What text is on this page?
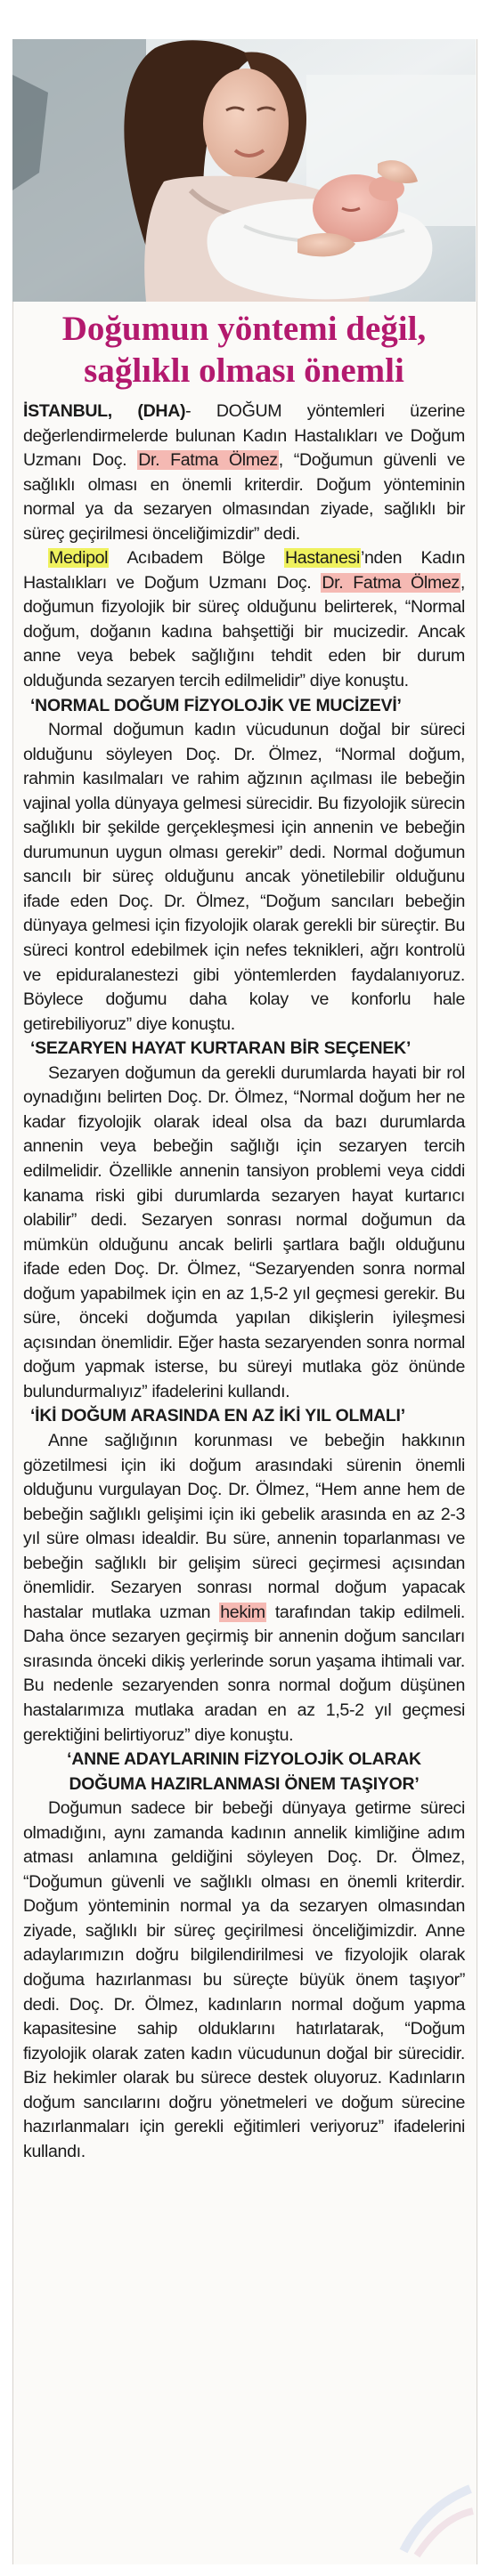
Doğumun yöntemi değil,
sağlıklı olması önemli

İSTANBUL, (DHA)- DOĞUM yöntemleri üzerine değerlendirmelerde bulunan Kadın Hastalıkları ve Doğum Uzmanı Doç. Dr. Fatma Ölmez, “Doğumun güvenli ve sağlıklı olması en önemli kriterdir. Doğum yönteminin normal ya da sezaryen olmasından ziyade, sağlıklı bir süreç geçirilmesi önceliğimizdir” dedi.

Medipol Acıbadem Bölge Hastanesi’nden Kadın Hastalıkları ve Doğum Uzmanı Doç. Dr. Fatma Ölmez, doğumun fizyolojik bir süreç olduğunu belirterek, “Normal doğum, doğanın kadına bahşettiği bir mucizedir. Ancak anne veya bebek sağlığını tehdit eden bir durum olduğunda sezaryen tercih edilmelidir” diye konuştu.

‘NORMAL DOĞUM FİZYOLOJİK VE MUCİZEVİ’

Normal doğumun kadın vücudunun doğal bir süreci olduğunu söyleyen Doç. Dr. Ölmez, “Normal doğum, rahmin kasılmaları ve rahim ağzının açılması ile bebeğin vajinal yolla dünyaya gelmesi sürecidir. Bu fizyolojik sürecin sağlıklı bir şekilde gerçekleşmesi için annenin ve bebeğin durumunun uygun olması gerekir” dedi. Normal doğumun sancılı bir süreç olduğunu ancak yönetilebilir olduğunu ifade eden Doç. Dr. Ölmez, “Doğum sancıları bebeğin dünyaya gelmesi için fizyolojik olarak gerekli bir süreçtir. Bu süreci kontrol edebilmek için nefes teknikleri, ağrı kontrolü ve epiduralanestezi gibi yöntemlerden faydalanıyoruz. Böylece doğumu daha kolay ve konforlu hale getirebiliyoruz” diye konuştu.

‘SEZARYEN HAYAT KURTARAN BİR SEÇENEK’

Sezaryen doğumun da gerekli durumlarda hayati bir rol oynadığını belirten Doç. Dr. Ölmez, “Normal doğum her ne kadar fizyolojik olarak ideal olsa da bazı durumlarda annenin veya bebeğin sağlığı için sezaryen tercih edilmelidir. Özellikle annenin tansiyon problemi veya ciddi kanama riski gibi durumlarda sezaryen hayat kurtarıcı olabilir” dedi. Sezaryen sonrası normal doğumun da mümkün olduğunu ancak belirli şartlara bağlı olduğunu ifade eden Doç. Dr. Ölmez, “Sezaryenden sonra normal doğum yapabilmek için en az 1,5-2 yıl geçmesi gerekir. Bu süre, önceki doğumda yapılan dikişlerin iyileşmesi açısından önemlidir. Eğer hasta sezaryenden sonra normal doğum yapmak isterse, bu süreyi mutlaka göz önünde bulundurmalıyız” ifadelerini kullandı.

‘İKİ DOĞUM ARASINDA EN AZ İKİ YIL OLMALI’

Anne sağlığının korunması ve bebeğin hakkının gözetilmesi için iki doğum arasındaki sürenin önemli olduğunu vurgulayan Doç. Dr. Ölmez, “Hem anne hem de bebeğin sağlıklı gelişimi için iki gebelik arasında en az 2-3 yıl süre olması idealdir. Bu süre, annenin toparlanması ve bebeğin sağlıklı bir gelişim süreci geçirmesi açısından önemlidir. Sezaryen sonrası normal doğum yapacak hastalar mutlaka uzman hekim tarafından takip edilmeli. Daha önce sezaryen geçirmiş bir annenin doğum sancıları sırasında önceki dikiş yerlerinde sorun yaşama ihtimali var. Bu nedenle sezaryenden sonra normal doğum düşünen hastalarımıza mutlaka aradan en az 1,5-2 yıl geçmesi gerektiğini belirtiyoruz” diye konuştu.

‘ANNE ADAYLARININ FİZYOLOJİK OLARAK
DOĞUMA HAZIRLANMASI ÖNEM TAŞIYOR’

Doğumun sadece bir bebeği dünyaya getirme süreci olmadığını, aynı zamanda kadının annelik kimliğine adım atması anlamına geldiğini söyleyen Doç. Dr. Ölmez, “Doğumun güvenli ve sağlıklı olması en önemli kriterdir. Doğum yönteminin normal ya da sezaryen olmasından ziyade, sağlıklı bir süreç geçirilmesi önceliğimizdir. Anne adaylarımızın doğru bilgilendirilmesi ve fizyolojik olarak doğuma hazırlanması bu süreçte büyük önem taşıyor” dedi. Doç. Dr. Ölmez, kadınların normal doğum yapma kapasitesine sahip olduklarını hatırlatarak, “Doğum fizyolojik olarak zaten kadın vücudunun doğal bir sürecidir. Biz hekimler olarak bu sürece destek oluyoruz. Kadınların doğum sancılarını doğru yönetmeleri ve doğum sürecine hazırlanmaları için gerekli eğitimleri veriyoruz” ifadelerini kullandı.
